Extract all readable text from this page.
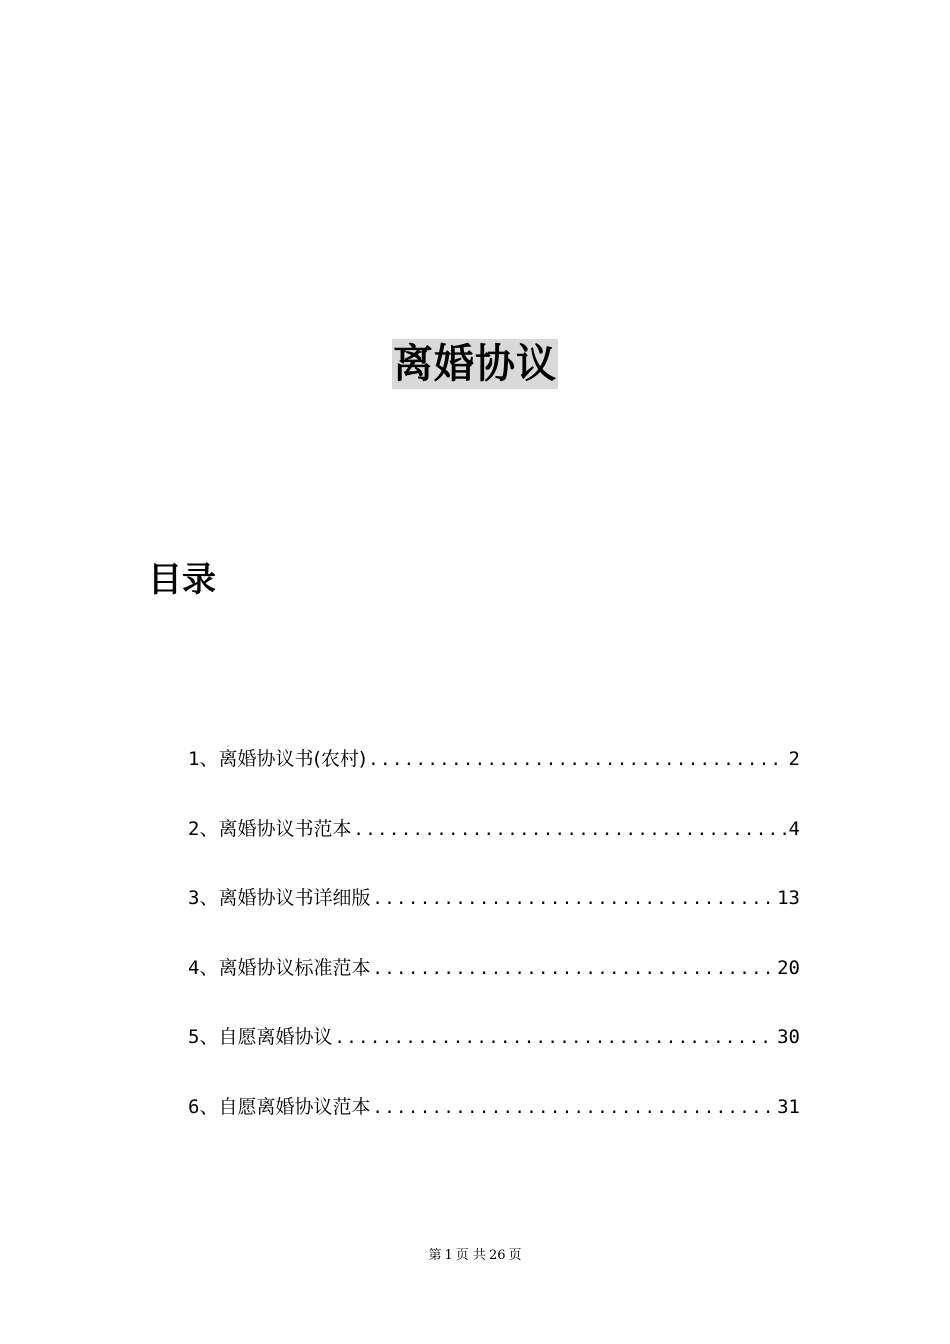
离婚协议
目录
1 、 离婚协议书(农村) .....	2
2 、 离婚协议书范本 .....	4
3 、 离婚协议书详细版 .....	13
4 、 离婚协议标准范本 .....	20
5 、 自愿离婚协议 .....	30
6 、 自愿离婚协议范本 .....	31

第 1 页 共 26 页
